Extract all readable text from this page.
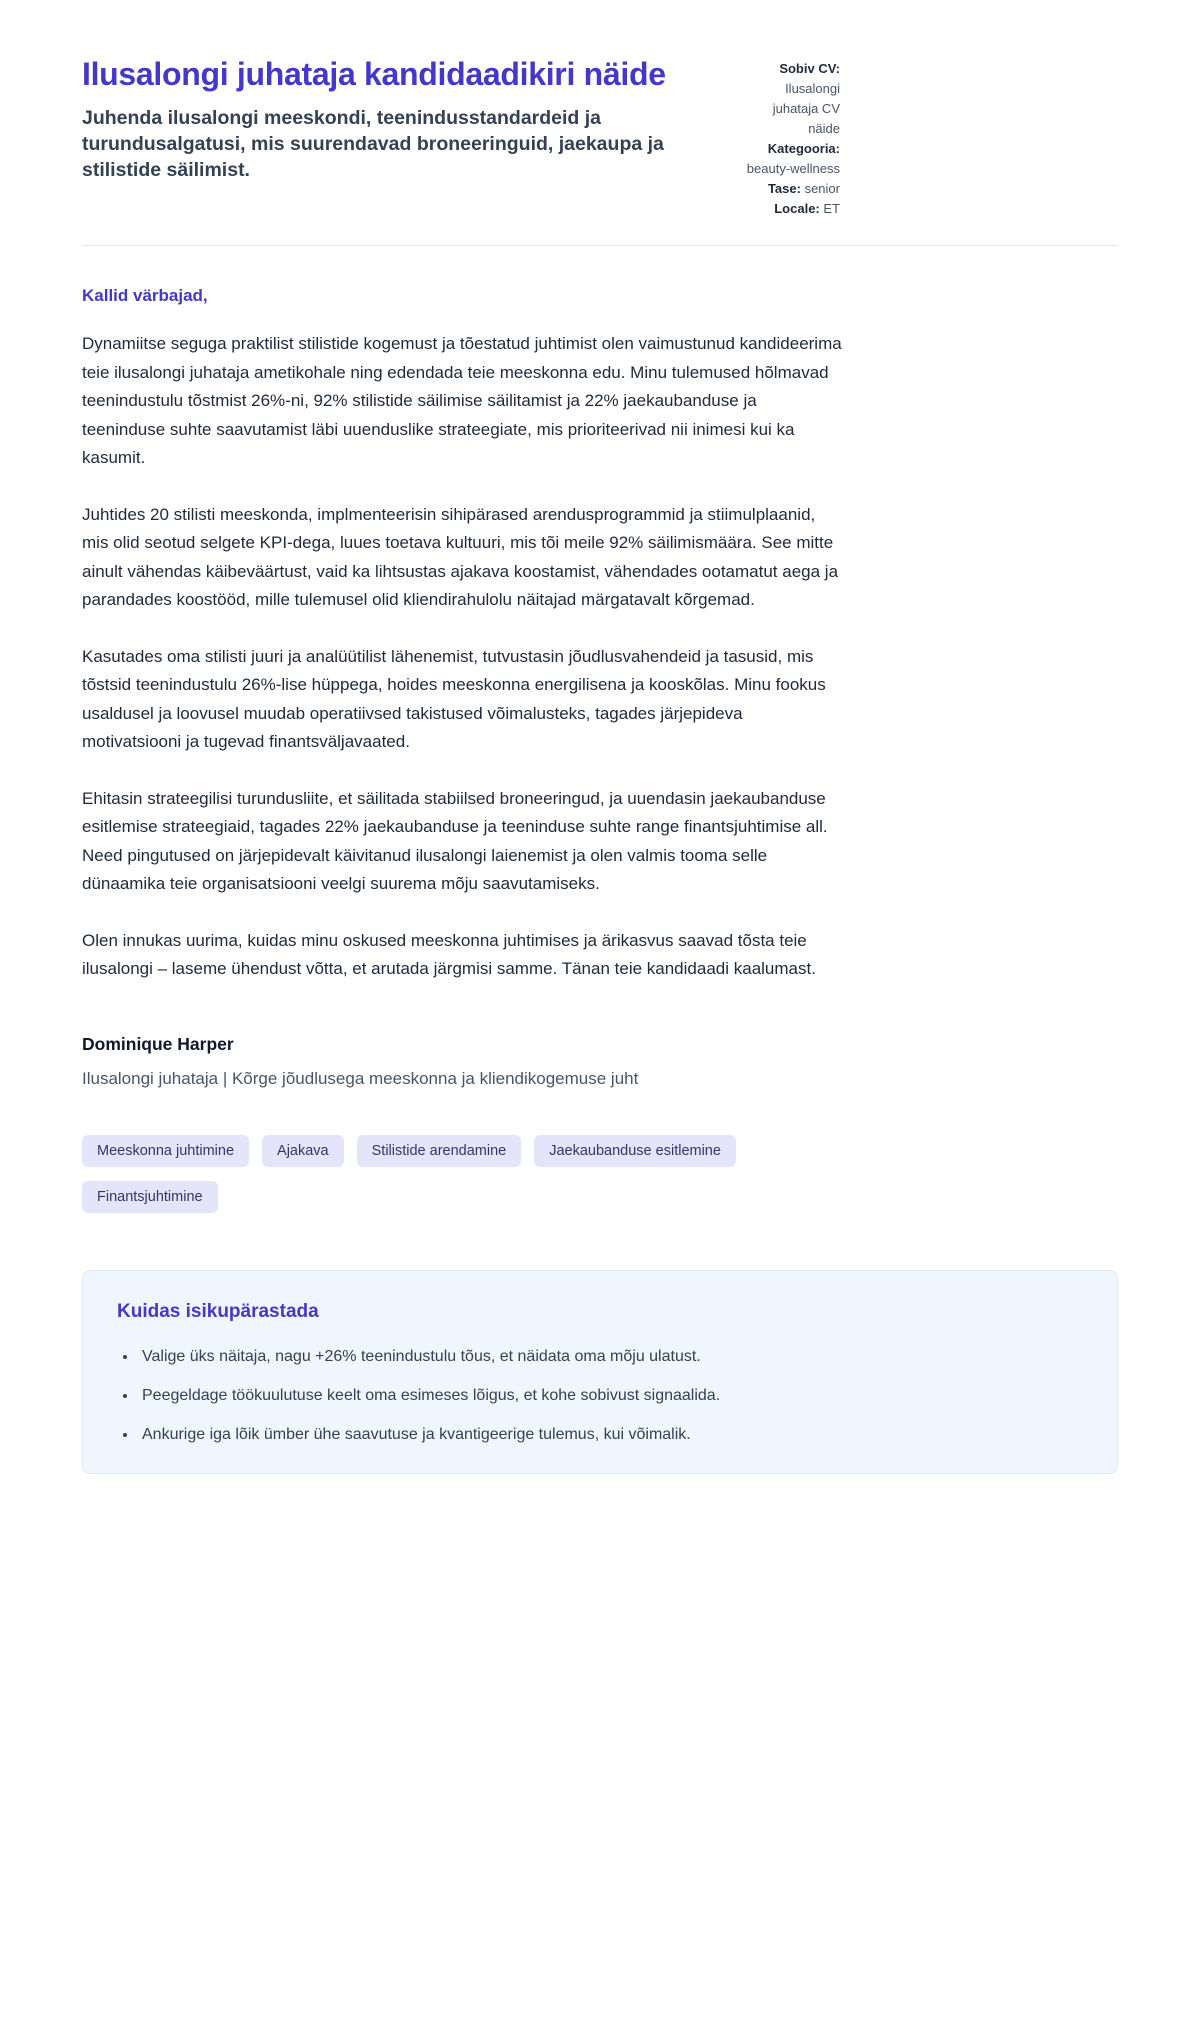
Ilusalongi juhataja kandidaadikiri näide

Juhenda ilusalongi meeskondi, teenindusstandardeid ja turundusalgatusi, mis suurendavad broneeringuid, jaekaupa ja stilistide säilimist.

Sobiv CV: Ilusalongi juhataja CV näide
Kategooria: beauty-wellness
Tase: senior
Locale: ET

Kallid värbajad,

Dynamiitse seguga praktilist stilistide kogemust ja tõestatud juhtimist olen vaimustunud kandideerima teie ilusalongi juhataja ametikohale ning edendada teie meeskonna edu. Minu tulemused hõlmavad teenindustulu tõstmist 26%-ni, 92% stilistide säilimise säilitamist ja 22% jaekaubanduse ja teeninduse suhte saavutamist läbi uuenduslike strateegiate, mis prioriteerivad nii inimesi kui ka kasumit.

Juhtides 20 stilisti meeskonda, implmenteerisin sihipärased arendusprogrammid ja stiimulplaanid, mis olid seotud selgete KPI-dega, luues toetava kultuuri, mis tõi meile 92% säilimismäära. See mitte ainult vähendas käibeväärtust, vaid ka lihtsustas ajakava koostamist, vähendades ootamatut aega ja parandades koostööd, mille tulemusel olid kliendirahulolu näitajad märgatavalt kõrgemad.

Kasutades oma stilisti juuri ja analüütilist lähenemist, tutvustasin jõudlusvahendeid ja tasusid, mis tõstsid teenindustulu 26%-lise hüppega, hoides meeskonna energilisena ja kooskõlas. Minu fookus usaldusel ja loovusel muudab operatiivsed takistused võimalusteks, tagades järjepideva motivatsiooni ja tugevad finantsväljavaated.

Ehitasin strateegilisi turundusliite, et säilitada stabiilsed broneeringud, ja uuendasin jaekaubanduse esitlemise strateegiaid, tagades 22% jaekaubanduse ja teeninduse suhte range finantsjuhtimise all. Need pingutused on järjepidevalt käivitanud ilusalongi laienemist ja olen valmis tooma selle dünaamika teie organisatsiooni veelgi suurema mõju saavutamiseks.

Olen innukas uurima, kuidas minu oskused meeskonna juhtimises ja ärikasvus saavad tõsta teie ilusalongi – laseme ühendust võtta, et arutada järgmisi samme. Tänan teie kandidaadi kaalumast.

Dominique Harper

Ilusalongi juhataja | Kõrge jõudlusega meeskonna ja kliendikogemuse juht

Meeskonna juhtimine	Ajakava	Stilistide arendamine	Jaekaubanduse esitlemine
Finantsjuhtimine
Kuidas isikupärastada
• Valige üks näitaja, nagu +26% teenindustulu tõus, et näidata oma mõju ulatust.
• Peegeldage töökuulutuse keelt oma esimeses lõigus, et kohe sobivust signaalida.
• Ankurige iga lõik ümber ühe saavutuse ja kvantigeerige tulemus, kui võimalik.
